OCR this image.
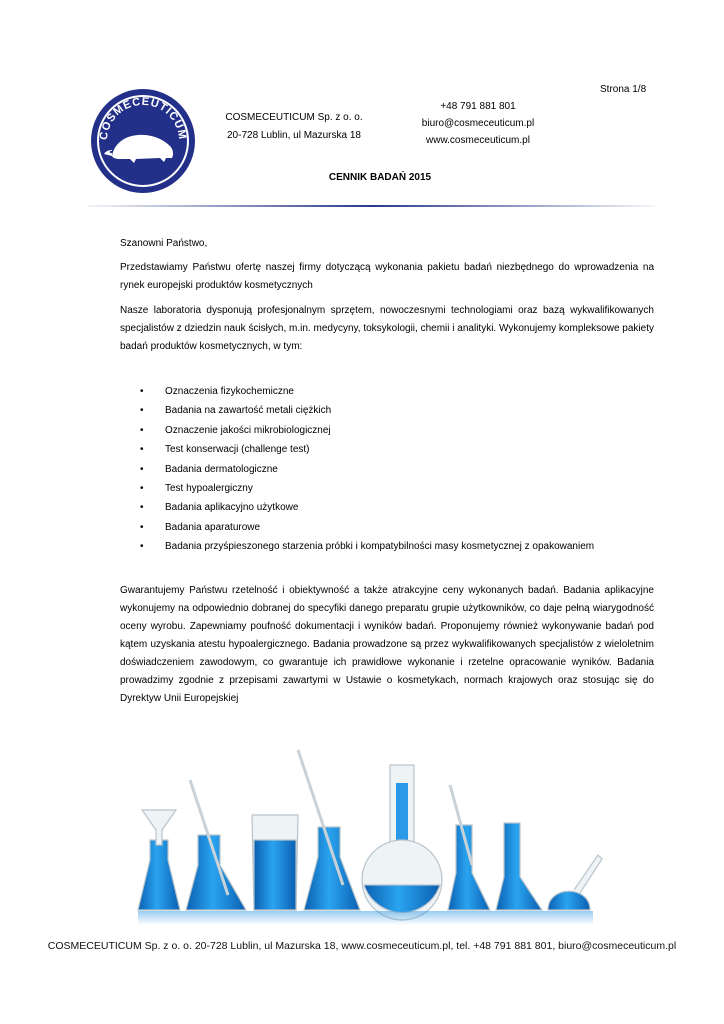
Strona 1/8
COSMECEUTICUM
COSMECEUTICUM Sp. z o. o.
20-728 Lublin, ul Mazurska 18
+48 791 881 801
biuro@cosmeceuticum.pl
www.cosmeceuticum.pl
CENNIK BADAŃ 2015
Szanowni Państwo,
Przedstawiamy Państwu ofertę naszej firmy dotyczącą wykonania pakietu badań niezbędnego do wprowadzenia na rynek europejski produktów kosmetycznych
Nasze laboratoria dysponują profesjonalnym sprzętem, nowoczesnymi technologiami oraz bazą wykwalifikowanych specjalistów z dziedzin nauk ścisłych, m.in. medycyny, toksykologii, chemii i analityki. Wykonujemy kompleksowe pakiety badań produktów kosmetycznych, w tym:
• Oznaczenia fizykochemiczne
• Badania na zawartość metali ciężkich
• Oznaczenie jakości mikrobiologicznej
• Test konserwacji (challenge test)
• Badania dermatologiczne
• Test hypoalergiczny
• Badania aplikacyjno użytkowe
• Badania aparaturowe
• Badania przyśpieszonego starzenia próbki i kompatybilności masy kosmetycznej z opakowaniem
Gwarantujemy Państwu rzetelność i obiektywność a także atrakcyjne ceny wykonanych badań. Badania aplikacyjne wykonujemy na odpowiednio dobranej do specyfiki danego preparatu grupie użytkowników, co daje pełną wiarygodność oceny wyrobu. Zapewniamy poufność dokumentacji i wyników badań. Proponujemy również wykonywanie badań pod kątem uzyskania atestu hypoalergicznego. Badania prowadzone są przez wykwalifikowanych specjalistów z wieloletnim doświadczeniem zawodowym, co gwarantuje ich prawidłowe wykonanie i rzetelne opracowanie wyników. Badania prowadzimy zgodnie z przepisami zawartymi w Ustawie o kosmetykach, normach krajowych oraz stosując się do Dyrektyw Unii Europejskiej
COSMECEUTICUM Sp. z o. o. 20-728 Lublin, ul Mazurska 18, www.cosmeceuticum.pl, tel. +48 791 881 801, biuro@cosmeceuticum.pl
